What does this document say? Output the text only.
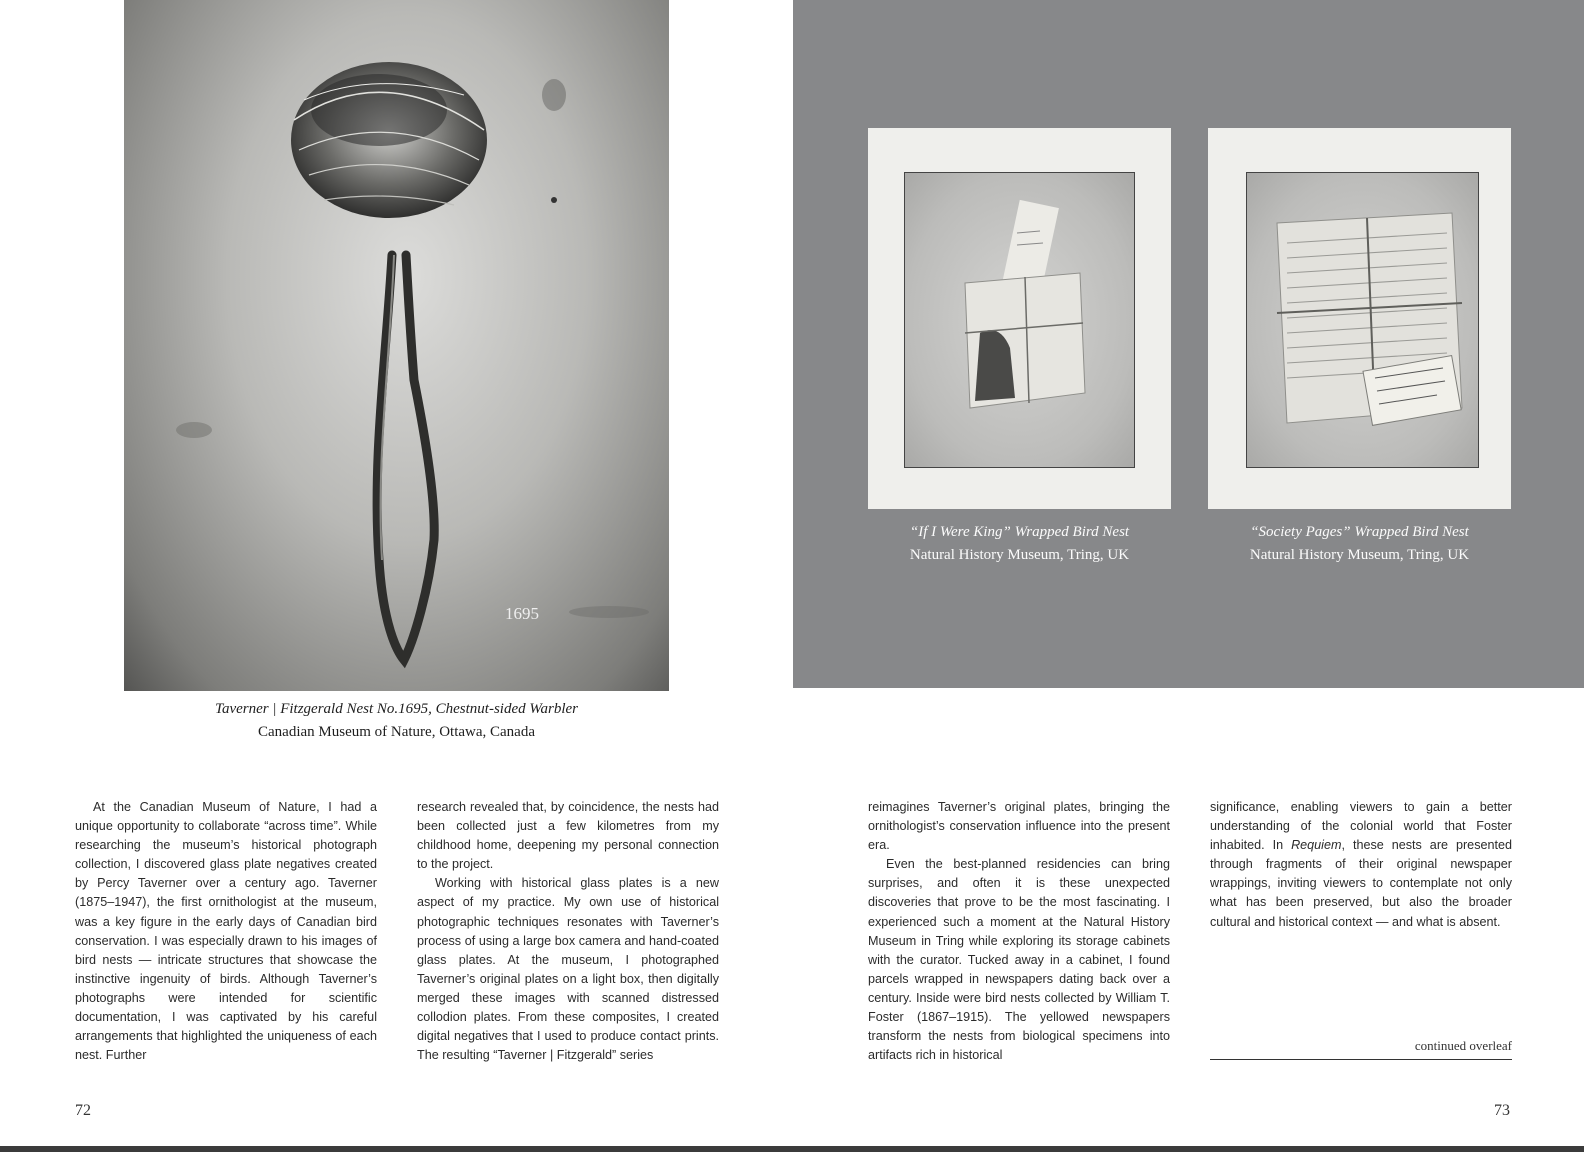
1695
Taverner | Fitzgerald Nest No.1695, Chestnut-sided Warbler
Canadian Museum of Nature, Ottawa, Canada

At the Canadian Museum of Nature, I had a unique opportunity to collaborate “across time”. While researching the museum’s historical photograph collection, I discovered glass plate negatives created by Percy Taverner over a century ago. Taverner (1875–1947), the first ornithologist at the museum, was a key figure in the early days of Canadian bird conservation. I was especially drawn to his images of bird nests — intricate structures that showcase the instinctive ingenuity of birds. Although Taverner’s photographs were intended for scientific documentation, I was captivated by his careful arrangements that highlighted the uniqueness of each nest. Further

research revealed that, by coincidence, the nests had been collected just a few kilometres from my childhood home, deepening my personal connection to the project.

Working with historical glass plates is a new aspect of my practice. My own use of historical photographic techniques resonates with Taverner’s process of using a large box camera and hand-coated glass plates. At the museum, I photographed Taverner’s original plates on a light box, then digitally merged these images with scanned distressed collodion plates. From these composites, I created digital negatives that I used to produce contact prints. The resulting “Taverner | Fitzgerald” series

72
“If I Were King” Wrapped Bird Nest
Natural History Museum, Tring, UK
“Society Pages” Wrapped Bird Nest
Natural History Museum, Tring, UK

reimagines Taverner’s original plates, bringing the ornithologist’s conservation influence into the present era.

Even the best-planned residencies can bring surprises, and often it is these unexpected discoveries that prove to be the most fascinating. I experienced such a moment at the Natural History Museum in Tring while exploring its storage cabinets with the curator. Tucked away in a cabinet, I found parcels wrapped in newspapers dating back over a century. Inside were bird nests collected by William T. Foster (1867–1915). The yellowed newspapers transform the nests from biological specimens into artifacts rich in historical

significance, enabling viewers to gain a better understanding of the colonial world that Foster inhabited. In Requiem, these nests are presented through fragments of their original newspaper wrappings, inviting viewers to contemplate not only what has been preserved, but also the broader cultural and historical context — and what is absent.

continued overleaf
73
